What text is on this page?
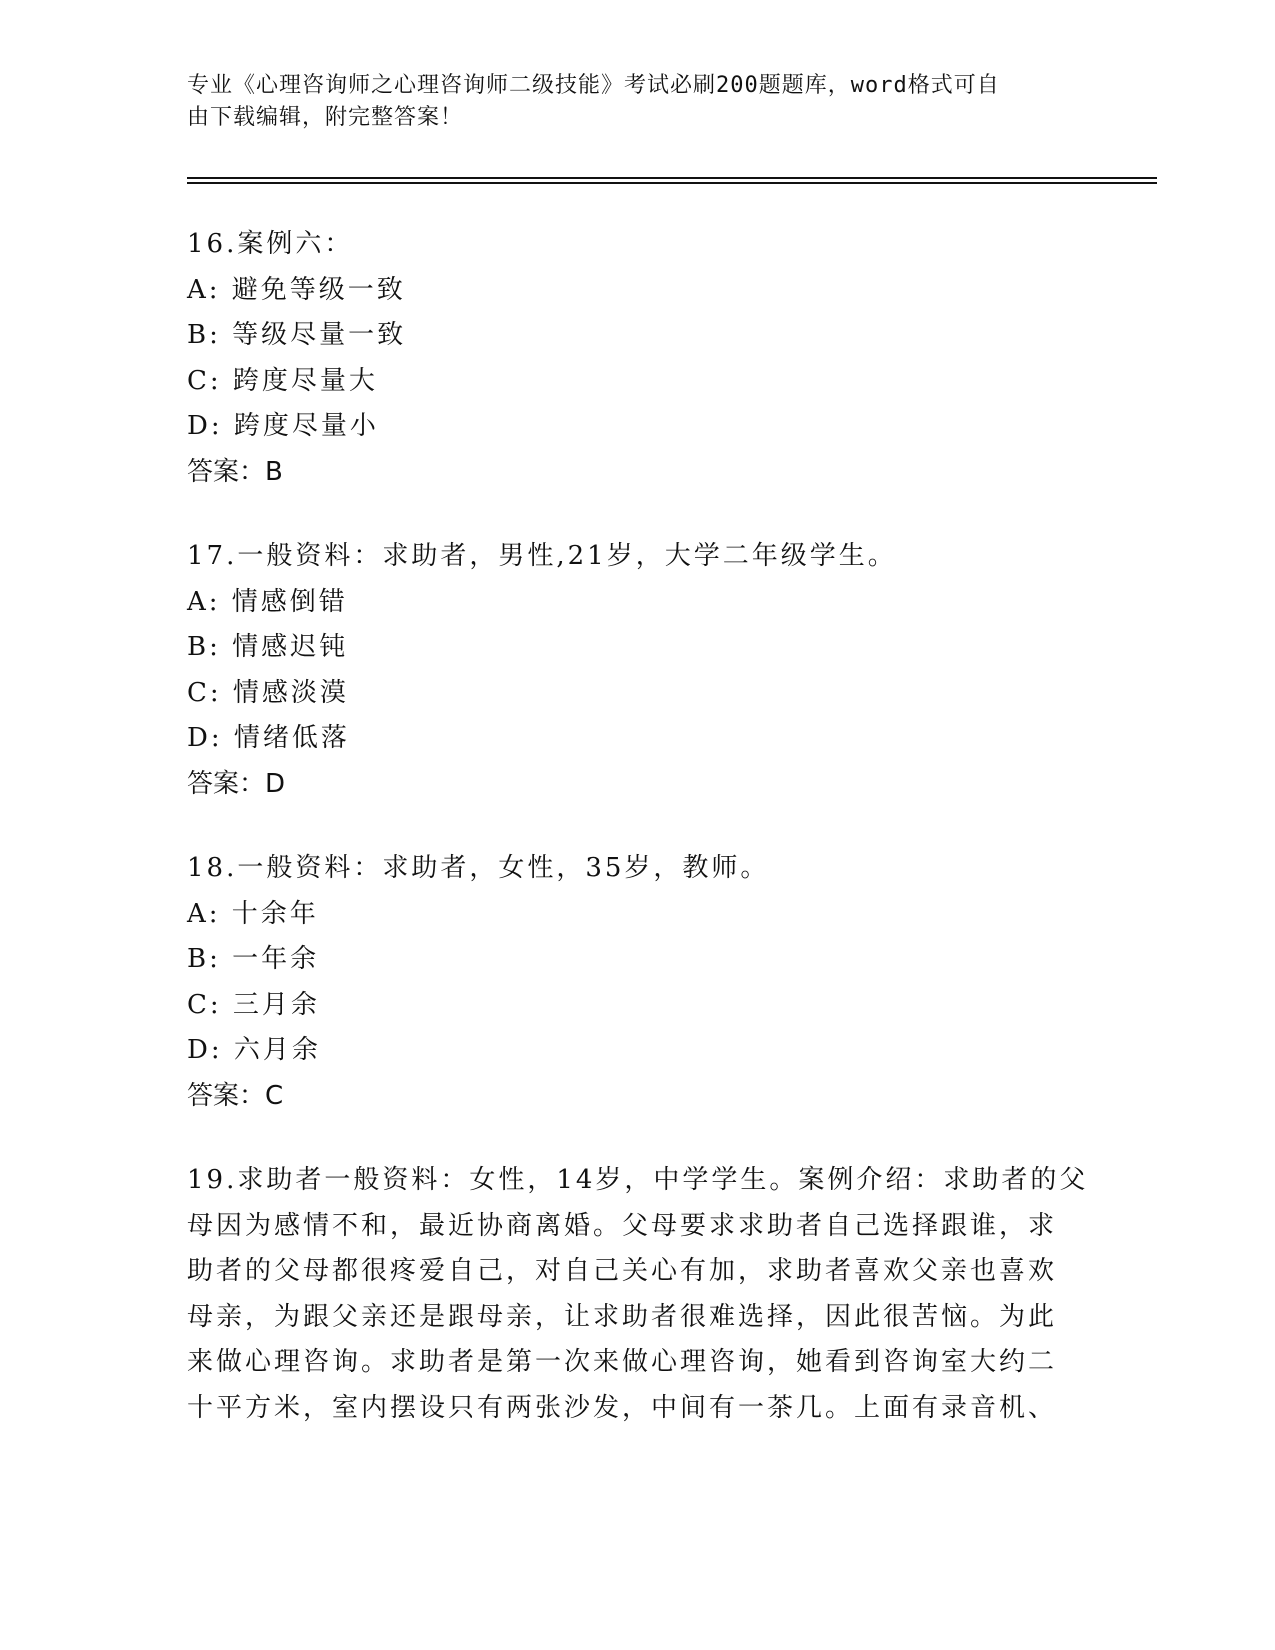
专业《心理咨询师之心理咨询师二级技能》考试必刷200题题库，word格式可自
由下载编辑，附完整答案！
16.案例六：
A: 避免等级一致
B: 等级尽量一致
C: 跨度尽量大
D: 跨度尽量小
答案：B
17.一般资料：求助者，男性,21岁，大学二年级学生。
A: 情感倒错
B: 情感迟钝
C: 情感淡漠
D: 情绪低落
答案：D
18.一般资料：求助者，女性，35岁，教师。
A: 十余年
B: 一年余
C: 三月余
D: 六月余
答案：C
19.求助者一般资料：女性，14岁，中学学生。案例介绍：求助者的父
母因为感情不和，最近协商离婚。父母要求求助者自己选择跟谁，求
助者的父母都很疼爱自己，对自己关心有加，求助者喜欢父亲也喜欢
母亲，为跟父亲还是跟母亲，让求助者很难选择，因此很苦恼。为此
来做心理咨询。求助者是第一次来做心理咨询，她看到咨询室大约二
十平方米，室内摆设只有两张沙发，中间有一茶几。上面有录音机、
